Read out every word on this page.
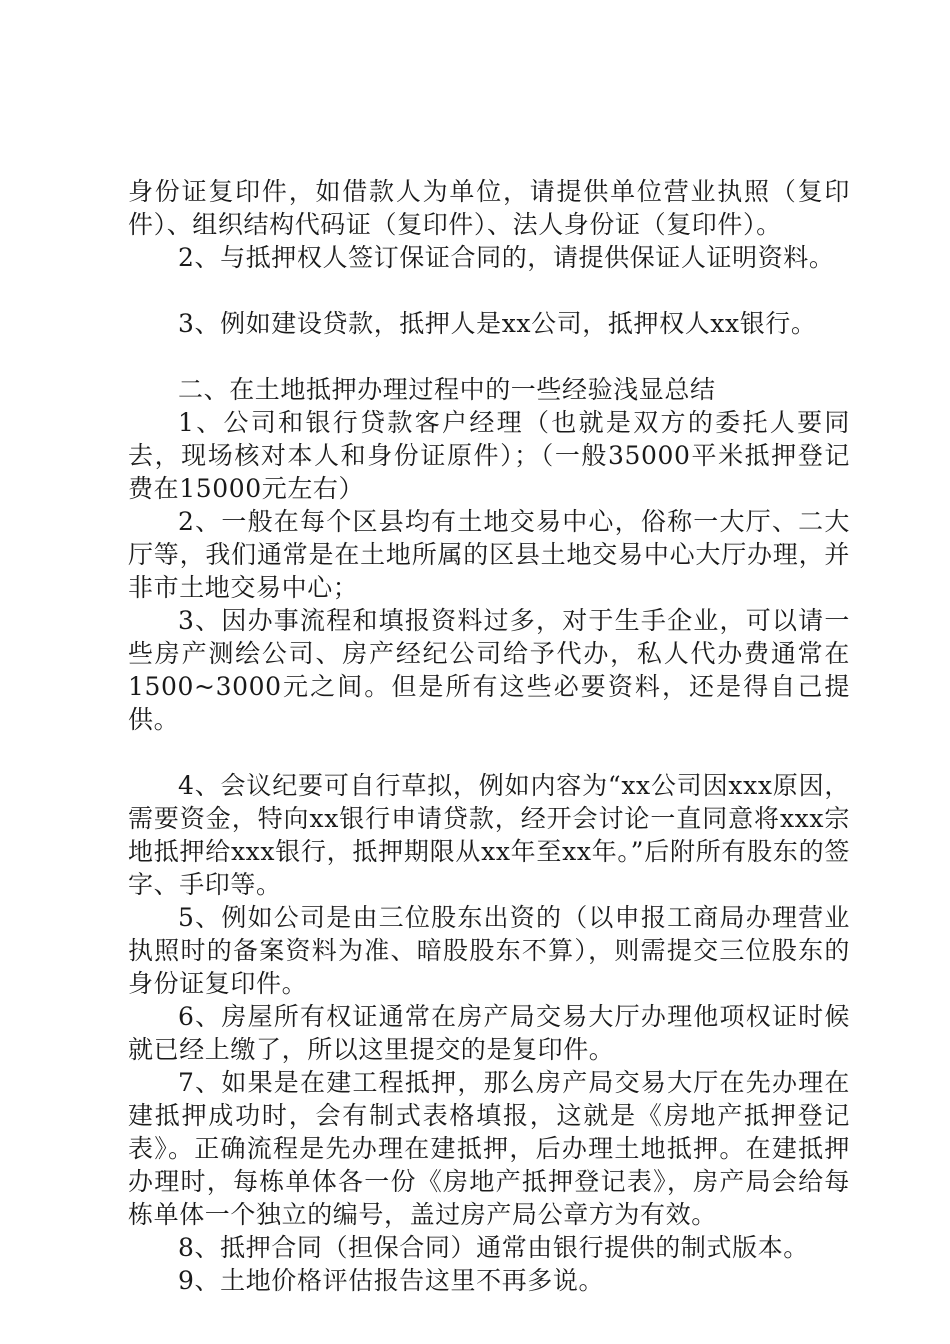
身份证复印件，如借款人为单位，请提供单位营业执照（复印件）、组织结构代码证（复印件）、法人身份证（复印件）。

2、与抵押权人签订保证合同的，请提供保证人证明资料。

3、例如建设贷款，抵押人是xx公司，抵押权人xx银行。

二、在土地抵押办理过程中的一些经验浅显总结

1、公司和银行贷款客户经理（也就是双方的委托人要同去，现场核对本人和身份证原件）；（一般35000平米抵押登记费在15000元左右）

2、一般在每个区县均有土地交易中心，俗称一大厅、二大厅等，我们通常是在土地所属的区县土地交易中心大厅办理，并非市土地交易中心；

3、因办事流程和填报资料过多，对于生手企业，可以请一些房产测绘公司、房产经纪公司给予代办，私人代办费通常在1500~3000元之间。但是所有这些必要资料，还是得自己提供。

4、会议纪要可自行草拟，例如内容为“xx公司因xxx原因，需要资金，特向xx银行申请贷款，经开会讨论一直同意将xxx宗地抵押给xxx银行，抵押期限从xx年至xx年。”后附所有股东的签字、手印等。

5、例如公司是由三位股东出资的（以申报工商局办理营业执照时的备案资料为准、暗股股东不算），则需提交三位股东的身份证复印件。

6、房屋所有权证通常在房产局交易大厅办理他项权证时候就已经上缴了，所以这里提交的是复印件。

7、如果是在建工程抵押，那么房产局交易大厅在先办理在建抵押成功时，会有制式表格填报，这就是《房地产抵押登记表》。正确流程是先办理在建抵押，后办理土地抵押。在建抵押办理时，每栋单体各一份《房地产抵押登记表》，房产局会给每栋单体一个独立的编号，盖过房产局公章方为有效。

8、抵押合同（担保合同）通常由银行提供的制式版本。

9、土地价格评估报告这里不再多说。
